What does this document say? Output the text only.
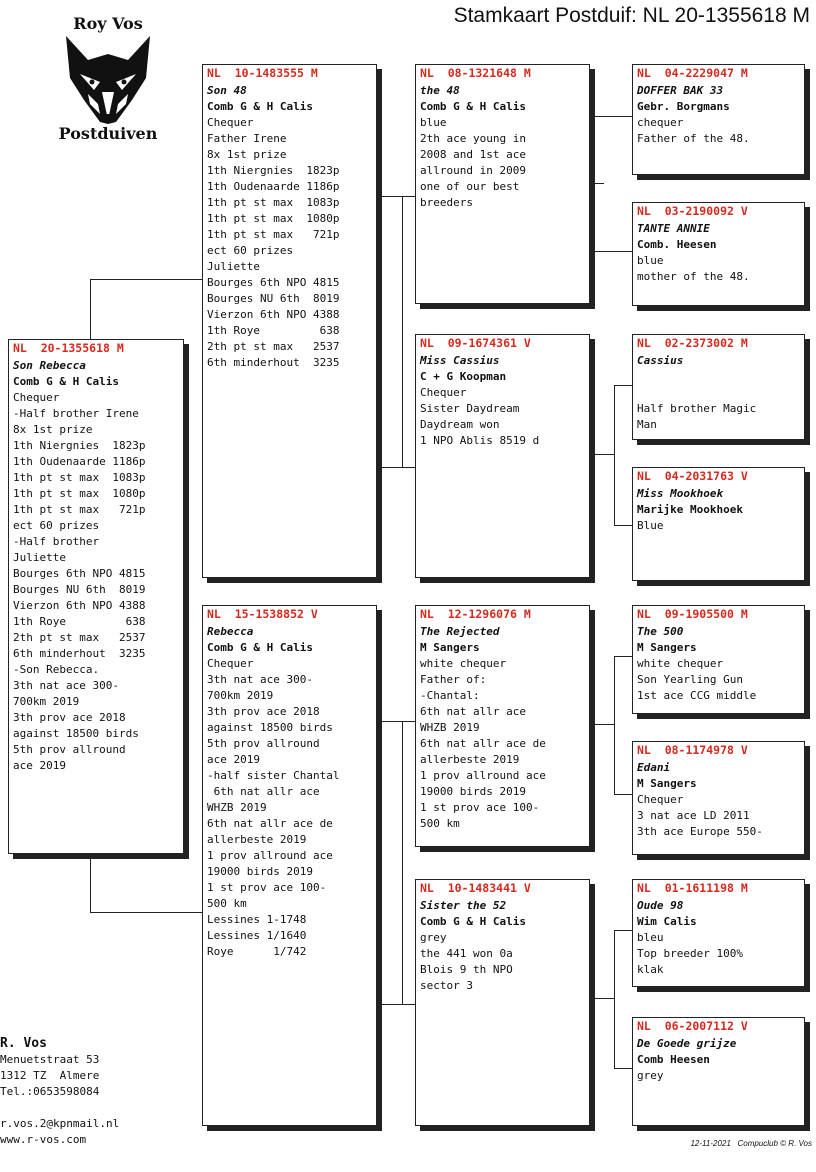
Stamkaart Postduif: NL 20-1355618 M
Roy Vos
Postduiven
NL  20-1355618 M
Son Rebecca
Comb G & H Calis
Chequer
-Half brother Irene
8x 1st prize
1th Niergnies  1823p
1th Oudenaarde 1186p
1th pt st max  1083p
1th pt st max  1080p
1th pt st max   721p
ect 60 prizes
-Half brother
Juliette
Bourges 6th NPO 4815
Bourges NU 6th  8019
Vierzon 6th NPO 4388
1th Roye         638
2th pt st max   2537
6th minderhout  3235
-Son Rebecca.
3th nat ace 300-
700km 2019
3th prov ace 2018
against 18500 birds
5th prov allround
ace 2019
NL  10-1483555 M
Son 48
Comb G & H Calis
Chequer
Father Irene
8x 1st prize
1th Niergnies  1823p
1th Oudenaarde 1186p
1th pt st max  1083p
1th pt st max  1080p
1th pt st max   721p
ect 60 prizes
Juliette
Bourges 6th NPO 4815
Bourges NU 6th  8019
Vierzon 6th NPO 4388
1th Roye         638
2th pt st max   2537
6th minderhout  3235
NL  15-1538852 V
Rebecca
Comb G & H Calis
Chequer
3th nat ace 300-
700km 2019
3th prov ace 2018
against 18500 birds
5th prov allround
ace 2019
-half sister Chantal
6th nat allr ace
WHZB 2019
6th nat allr ace de
allerbeste 2019
1 prov allround ace
19000 birds 2019
1 st prov ace 100-
500 km
Lessines 1-1748
Lessines 1/1640
Roye      1/742
NL  08-1321648 M
the 48
Comb G & H Calis
blue
2th ace young in
2008 and 1st ace
allround in 2009
one of our best
breeders
NL  09-1674361 V
Miss Cassius
C + G Koopman
Chequer
Sister Daydream
Daydream won
1 NPO Ablis 8519 d
NL  12-1296076 M
The Rejected
M Sangers
white chequer
Father of:
-Chantal:
6th nat allr ace
WHZB 2019
6th nat allr ace de
allerbeste 2019
1 prov allround ace
19000 birds 2019
1 st prov ace 100-
500 km
NL  10-1483441 V
Sister the 52
Comb G & H Calis
grey
the 441 won 0a
Blois 9 th NPO
sector 3
NL  04-2229047 M
DOFFER BAK 33
Gebr. Borgmans
chequer
Father of the 48.
NL  03-2190092 V
TANTE ANNIE
Comb. Heesen
blue
mother of the 48.
NL  02-2373002 M
Cassius
Half brother Magic
Man
NL  04-2031763 V
Miss Mookhoek
Marijke Mookhoek
Blue
NL  09-1905500 M
The 500
M Sangers
white chequer
Son Yearling Gun
1st ace CCG middle
NL  08-1174978 V
Edani
M Sangers
Chequer
3 nat ace LD 2011
3th ace Europe 550-
NL  01-1611198 M
Oude 98
Wim Calis
bleu
Top breeder 100%
klak
NL  06-2007112 V
De Goede grijze
Comb Heesen
grey
R. Vos
Menuetstraat 53
1312 TZ  Almere
Tel.:0653598084
r.vos.2@kpnmail.nl
www.r-vos.com	12-11-2021   Compuclub © R. Vos
